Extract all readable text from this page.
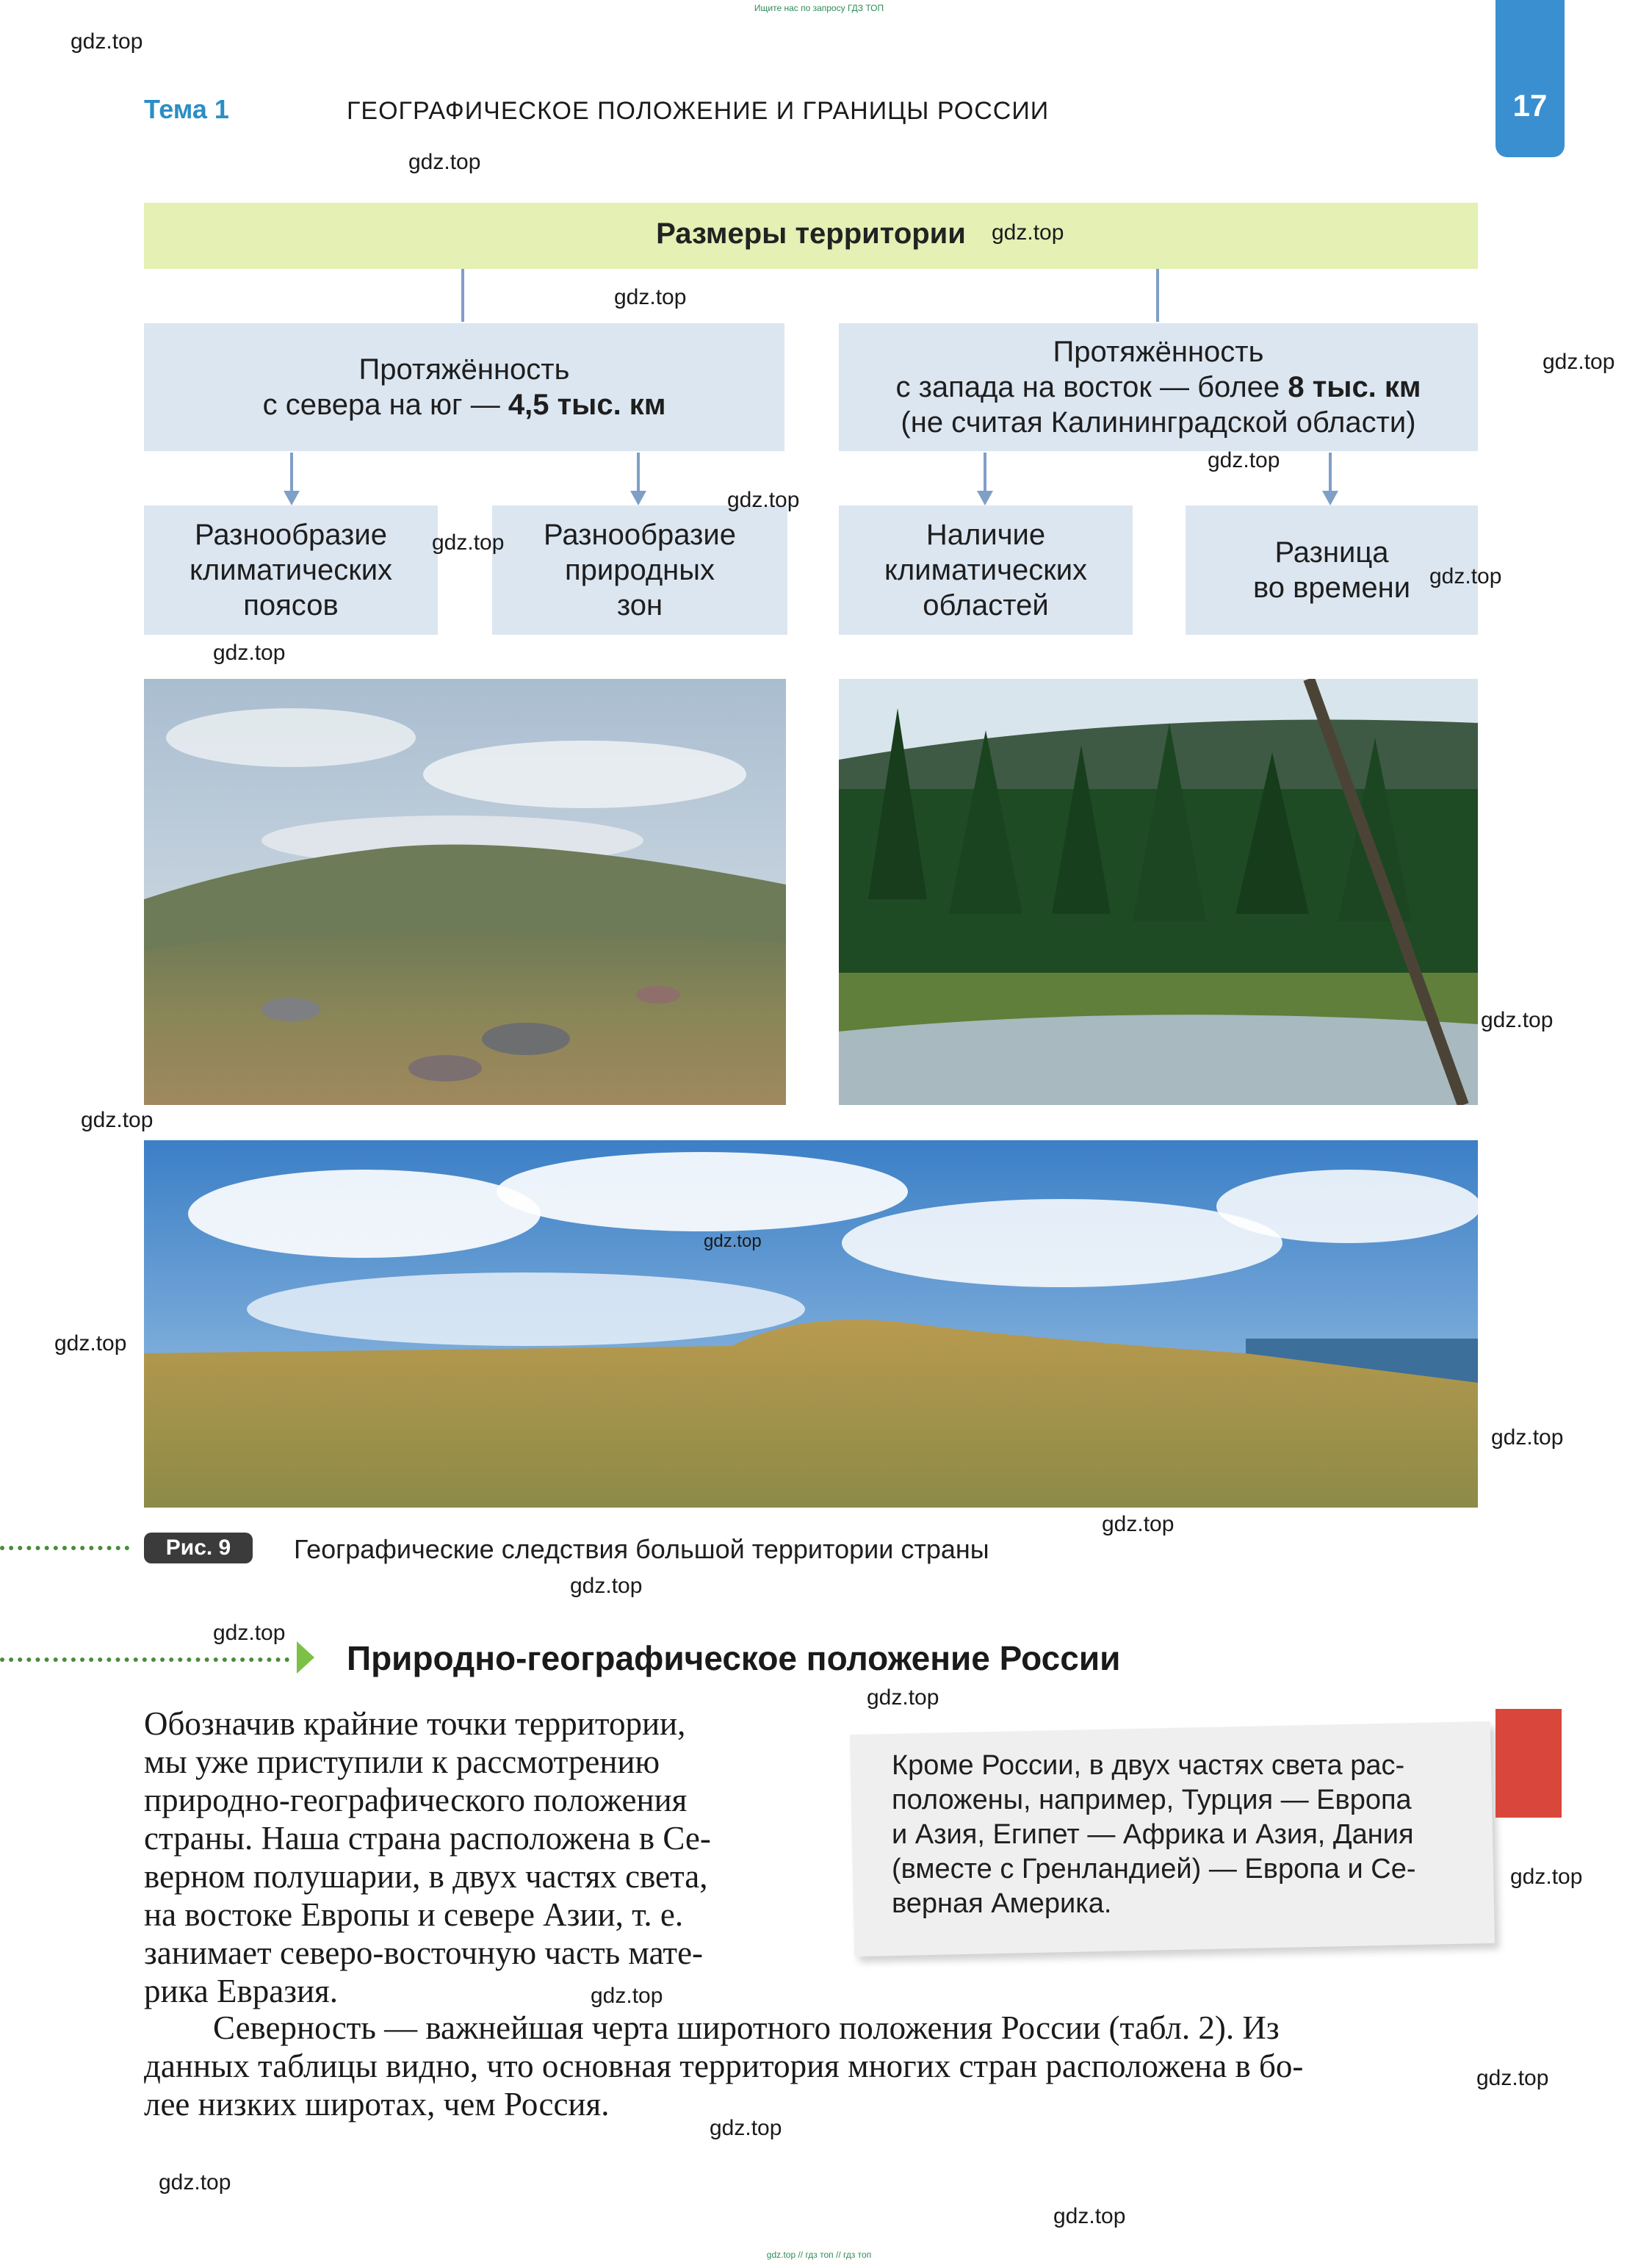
Ищите нас по запросу ГДЗ ТОП
gdz.top // гдз топ // гдз топ
Тема 1	ГЕОГРАФИЧЕСКОЕ ПОЛОЖЕНИЕ И ГРАНИЦЫ РОССИИ	17
Размеры территории
Протяжённость
с севера на юг — 4,5 тыс. км
Протяжённость
с запада на восток — более 8 тыс. км
(не считая Калининградской области)
Разнообразие
климатических
поясов
Разнообразие
природных
зон
Наличие
климатических
областей
Разница
во времени
Рис. 9	Географические следствия большой территории страны
Природно-географическое положение России
Обозначив крайние точки территории,
мы уже приступили к рассмотрению
природно-географического положения
страны. Наша страна расположена в Се-
верном полушарии, в двух частях света,
на востоке Европы и севере Азии, т. е.
занимает северо-восточную часть мате-
рика Евразия.
Северность — важнейшая черта широтного положения России (табл. 2). Из
данных таблицы видно, что основная территория многих стран расположена в бо-
лее низких широтах, чем Россия.
Кроме России, в двух частях света рас-
положены, например, Турция — Европа
и Азия, Египет — Африка и Азия, Дания
(вместе с Гренландией) — Европа и Се-
верная Америка.
gdz.top
gdz.top
gdz.top
gdz.top
gdz.top
gdz.top
gdz.top
gdz.top
gdz.top
gdz.top
gdz.top
gdz.top
gdz.top
gdz.top
gdz.top
gdz.top
gdz.top
gdz.top
gdz.top
gdz.top
gdz.top
gdz.top
gdz.top
gdz.top
gdz.top
